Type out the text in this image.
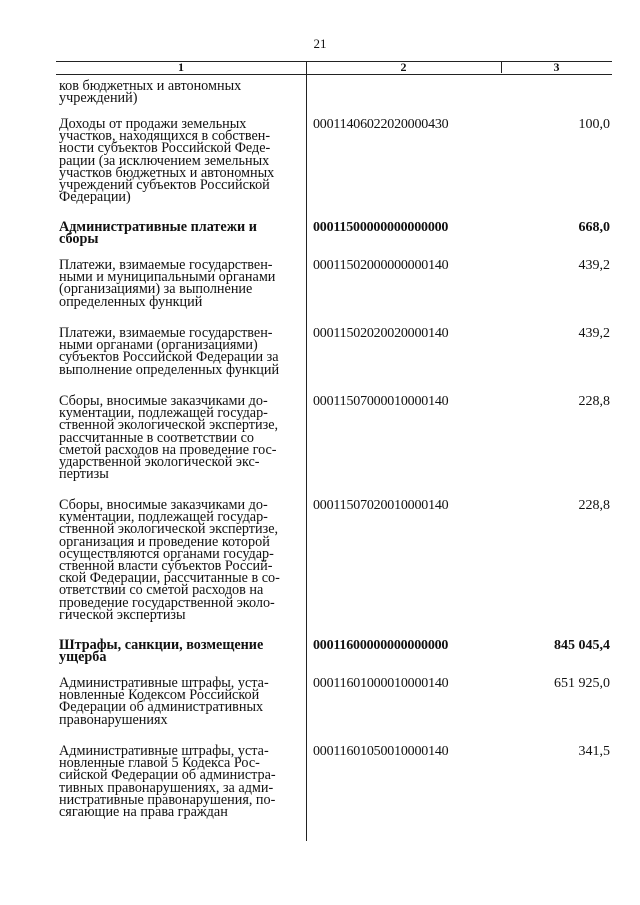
21
1	2	3
ков бюджетных и автономных
учреждений)
Доходы от продажи земельных
участков, находящихся в собствен-
ности субъектов Российской Феде-
рации (за исключением земельных
участков бюджетных и автономных
учреждений субъектов Российской
Федерации)
00011406022020000430	100,0
Административные платежи и
сборы
00011500000000000000	668,0
Платежи, взимаемые государствен-
ными и муниципальными органами
(организациями) за выполнение
определенных функций
00011502000000000140	439,2
Платежи, взимаемые государствен-
ными органами (организациями)
субъектов Российской Федерации за
выполнение определенных функций
00011502020020000140	439,2
Сборы, вносимые заказчиками до-
кументации, подлежащей государ-
ственной экологической экспертизе,
рассчитанные в соответствии со
сметой расходов на проведение гос-
ударственной экологической экс-
пертизы
00011507000010000140	228,8
Сборы, вносимые заказчиками до-
кументации, подлежащей государ-
ственной экологической экспертизе,
организация и проведение которой
осуществляются органами государ-
ственной власти субъектов Россий-
ской Федерации, рассчитанные в со-
ответствии со сметой расходов на
проведение государственной эколо-
гической экспертизы
00011507020010000140	228,8
Штрафы, санкции, возмещение
ущерба
00011600000000000000	845 045,4
Административные штрафы, уста-
новленные Кодексом Российской
Федерации об административных
правонарушениях
00011601000010000140	651 925,0
Административные штрафы, уста-
новленные главой 5 Кодекса Рос-
сийской Федерации об администра-
тивных правонарушениях, за адми-
нистративные правонарушения, по-
сягающие на права граждан
00011601050010000140	341,5
